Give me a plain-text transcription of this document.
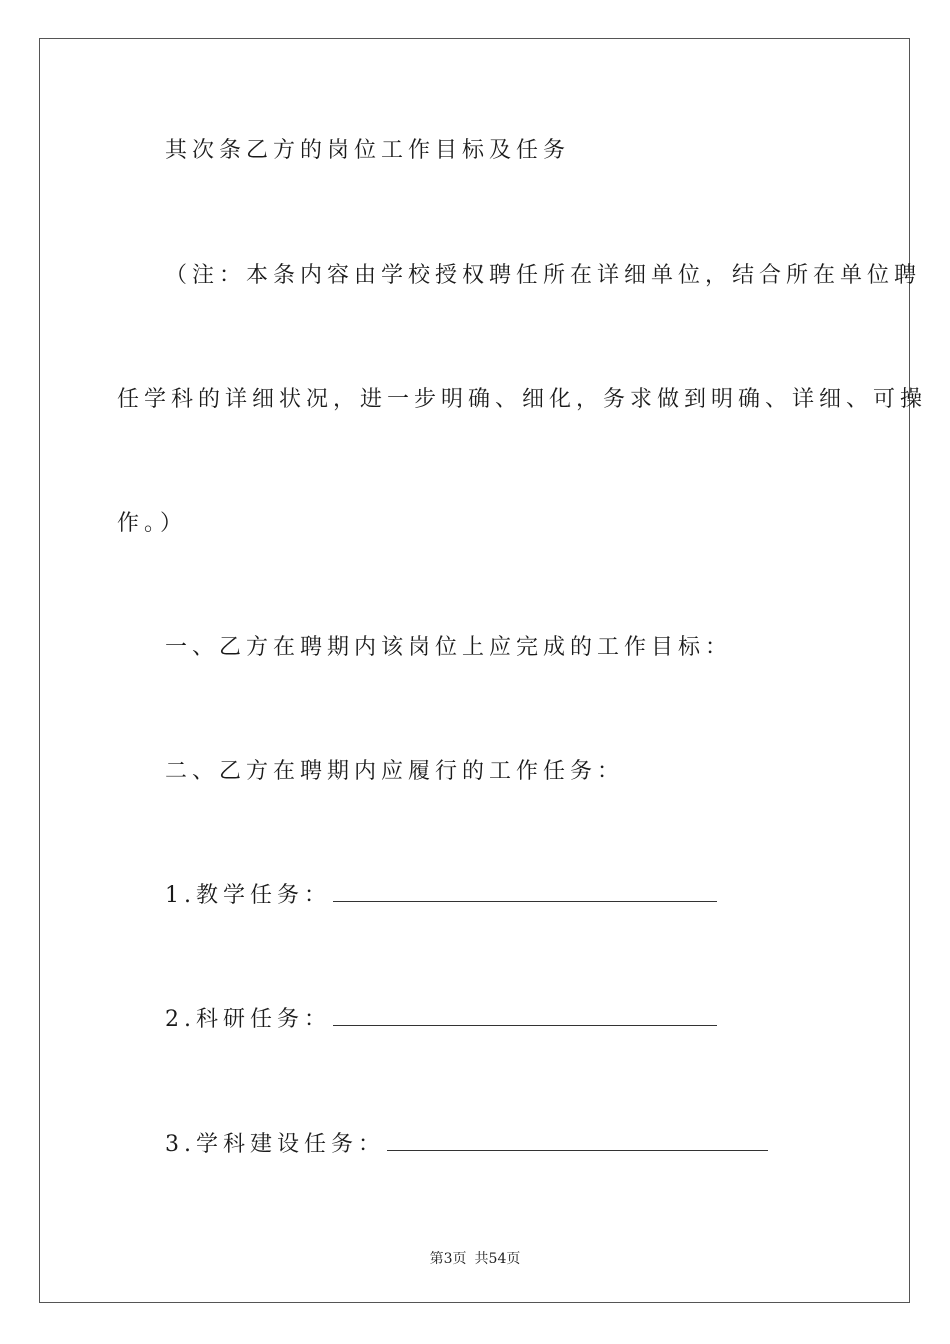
其次条乙方的岗位工作目标及任务
（注：本条内容由学校授权聘任所在详细单位，结合所在单位聘
任学科的详细状况，进一步明确、细化，务求做到明确、详细、可操
作。）
一、乙方在聘期内该岗位上应完成的工作目标：
二、乙方在聘期内应履行的工作任务：
1.教学任务：
2.科研任务：
3.学科建设任务：
第3页 共54页
